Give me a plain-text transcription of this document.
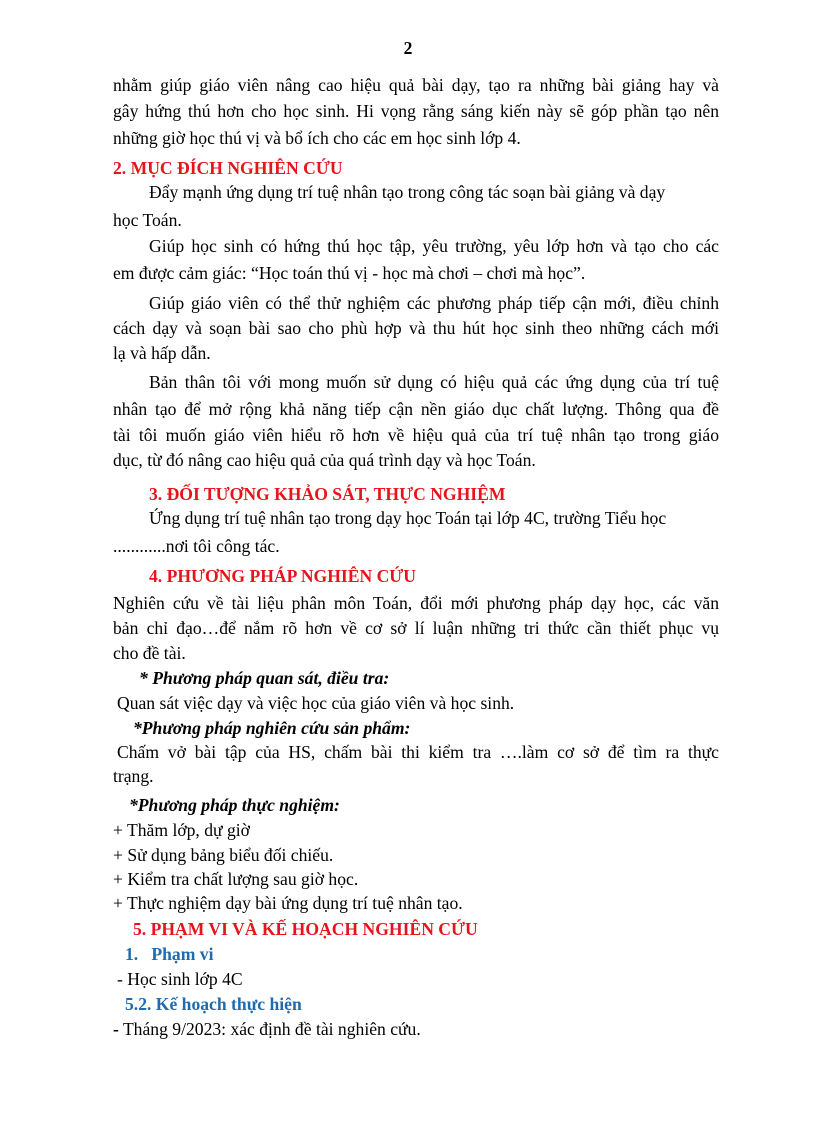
2
nhằm giúp giáo viên nâng cao hiệu quả bài dạy, tạo ra những bài giảng hay và
gây hứng thú hơn cho học sinh. Hi vọng rằng sáng kiến này sẽ góp phần tạo nên
những giờ học thú vị và bổ ích cho các em học sinh lớp 4.
2. MỤC ĐÍCH NGHIÊN CỨU
Đẩy mạnh ứng dụng trí tuệ nhân tạo trong công tác soạn bài giảng và dạy
học Toán.
Giúp học sinh có hứng thú học tập, yêu trường, yêu lớp hơn và tạo cho các
em được cảm giác: “Học toán thú vị - học mà chơi – chơi mà học”.
Giúp giáo viên có thể thử nghiệm các phương pháp tiếp cận mới, điều chỉnh
cách dạy và soạn bài sao cho phù hợp và thu hút học sinh theo những cách mới
lạ và hấp dẫn.
Bản thân tôi với mong muốn sử dụng có hiệu quả các ứng dụng của trí tuệ
nhân tạo để mở rộng khả năng tiếp cận nền giáo dục chất lượng. Thông qua đề
tài tôi muốn giáo viên hiểu rõ hơn về hiệu quả của trí tuệ nhân tạo trong giáo
dục, từ đó nâng cao hiệu quả của quá trình dạy và học Toán.
3. ĐỐI TƯỢNG KHẢO SÁT, THỰC NGHIỆM
Ứng dụng trí tuệ nhân tạo trong dạy học Toán tại lớp 4C, trường Tiểu học
............nơi tôi công tác.
4. PHƯƠNG PHÁP NGHIÊN CỨU
Nghiên cứu về tài liệu phân môn Toán, đổi mới phương pháp dạy học, các văn
bản chỉ đạo…để nắm rõ hơn về cơ sở lí luận những tri thức cần thiết phục vụ
cho đề tài.
* Phương pháp quan sát, điều tra:
Quan sát việc dạy và việc học của giáo viên và học sinh.
*Phương pháp nghiên cứu sản phẩm:
Chấm vở bài tập của HS, chấm bài thi kiểm tra ….làm cơ sở để tìm ra thực
trạng.
*Phương pháp thực nghiệm:
+ Thăm lớp, dự giờ
+ Sử dụng bảng biểu đối chiếu.
+ Kiểm tra chất lượng sau giờ học.
+ Thực nghiệm dạy bài ứng dụng trí tuệ nhân tạo.
5. PHẠM VI VÀ KẾ HOẠCH NGHIÊN CỨU
1.   Phạm vi
- Học sinh lớp 4C
5.2. Kế hoạch thực hiện
- Tháng 9/2023: xác định đề tài nghiên cứu.
